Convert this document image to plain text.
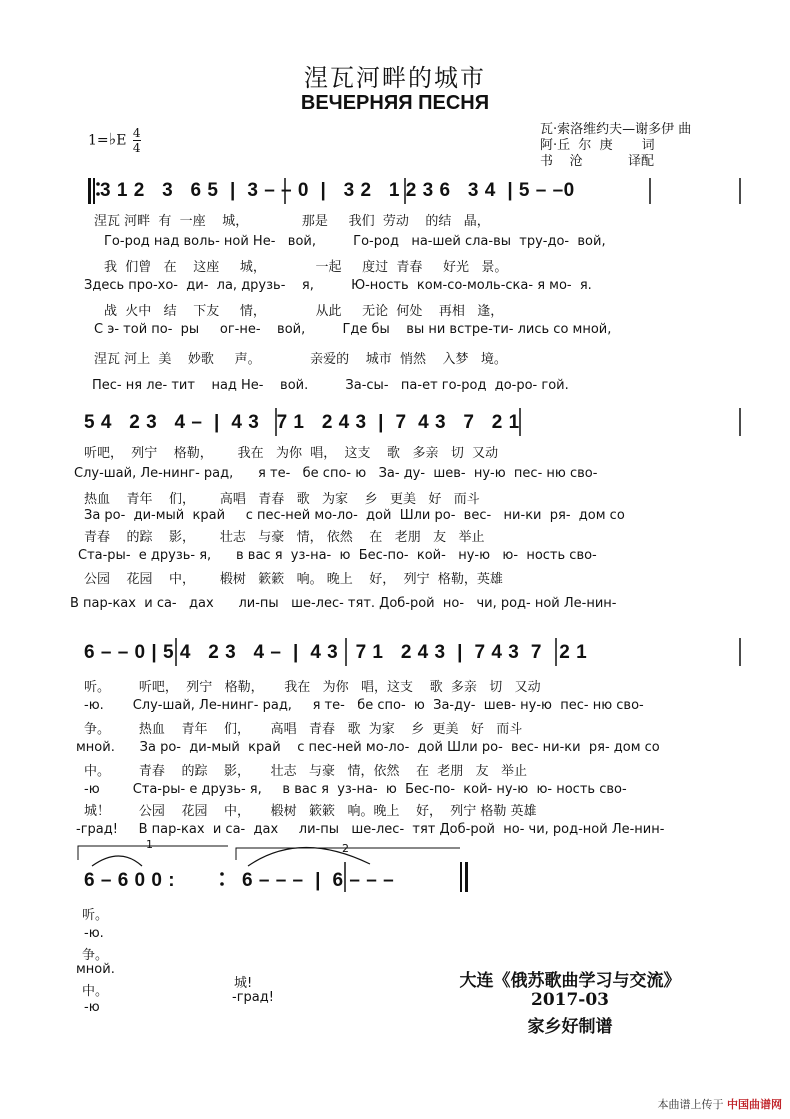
涅瓦河畔的城市
ВЕЧЕРНЯЯ ПЕСНЯ
1=♭E $\frac{4}{4}$	瓦·索洛维约夫—谢多伊 曲
阿·丘  尔  庚       词
书    沧           译配
3 1 2   3   6 5  |  3 – – 0  |   3 2   1 2 3 6   3 4  | 5 – –0
涅瓦 河畔  有  一座    城，             那是     我们  劳动    的结   晶，
Го-род над воль- ной Не-   вой,         Го-род   на-шей сла-вы  тру-до-  вой,
我  们曾   在    这座     城，            一起     度过  青春     好光   景。
Здесь про-хо-  ди-  ла, друзь-    я,         Ю-ность  ком-со-моль-ска- я мо-  я.
战  火中   结    下友     情，            从此     无论  何处    再相   逢，
С э- той по-  ры     ог-не-    вой,         Где бы    вы ни встре-ти- лись со мной,
涅瓦 河上  美    妙歌     声。            亲爱的    城市  悄然    入梦   境。
Пес- ня ле- тит    над Не-    вой.         За-сы-   па-ет го-род  до-ро- гой.
5 4   2 3   4 –  |  4 3   7 1   2 4 3  |  7  4 3   7   2 1
听吧，  列宁    格勒，      我在   为你  唱，  这支    歌   多亲   切  又动
Слу-шай, Ле-нинг- рад,      я те-   бе спо- ю   За- ду-  шев-  ну-ю  пес- ню сво-
热血    青年    们，      高唱   青春   歌   为家    乡   更美   好   而斗
За ро-  ди-мый  край     с пес-ней мо-ло-  дой  Шли ро-  вес-   ни-ки  ря-  дом со
青春    的踪    影，      壮志   与豪   情， 依然    在   老朋   友   举止
Ста-ры-  е друзь- я,      в вас я  уз-на-  ю  Бес-по-  кой-   ну-ю   ю-  ность сво-
公园    花园    中，      椴树   簌簌   响。 晚上    好，  列宁  格勒，英雄
В пар-ках  и са-   дах      ли-пы   ше-лес- тят. Доб-рой  но-   чи, род- ной Ле-нин-
6 – – 0 | 5 4   2 3   4 –  |  4 3   7 1   2 4 3  |  7 4 3  7   2 1
听。       听吧，  列宁   格勒，     我在   为你   唱，这支    歌  多亲   切   又动
-ю.       Слу-шай, Ле-нинг- рад,     я те-   бе спо-  ю  За-ду-  шев- ну-ю  пес- ню сво-
争。       热血    青年    们，     高唱   青春   歌  为家    乡  更美   好   而斗
мной.      За ро-  ди-мый  край    с пес-ней мо-ло-  дой Шли ро-  вес- ни-ки  ря- дом со
中。       青春    的踪    影，     壮志   与豪   情，依然    在  老朋   友   举止
-ю        Ста-ры- е друзь- я,     в вас я  уз-на-  ю  Бес-по-  кой- ну-ю  ю- ность сво-
城！       公园    花园    中，     椴树   簌簌   响。晚上    好，  列宁 格勒 英雄
-град!     В пар-ках  и са-  дах     ли-пы   ше-лес-  тят Доб-рой  но- чи, род-ной Ле-нин-
1	2
6 – 6 0 0 :	6 – – –  |  6 – – –
听。
-ю.
争。
мной.
中。
-ю
城!
-град!
大连《俄苏歌曲学习与交流》
2017-03
家乡好制谱
本曲谱上传于 中国曲谱网
